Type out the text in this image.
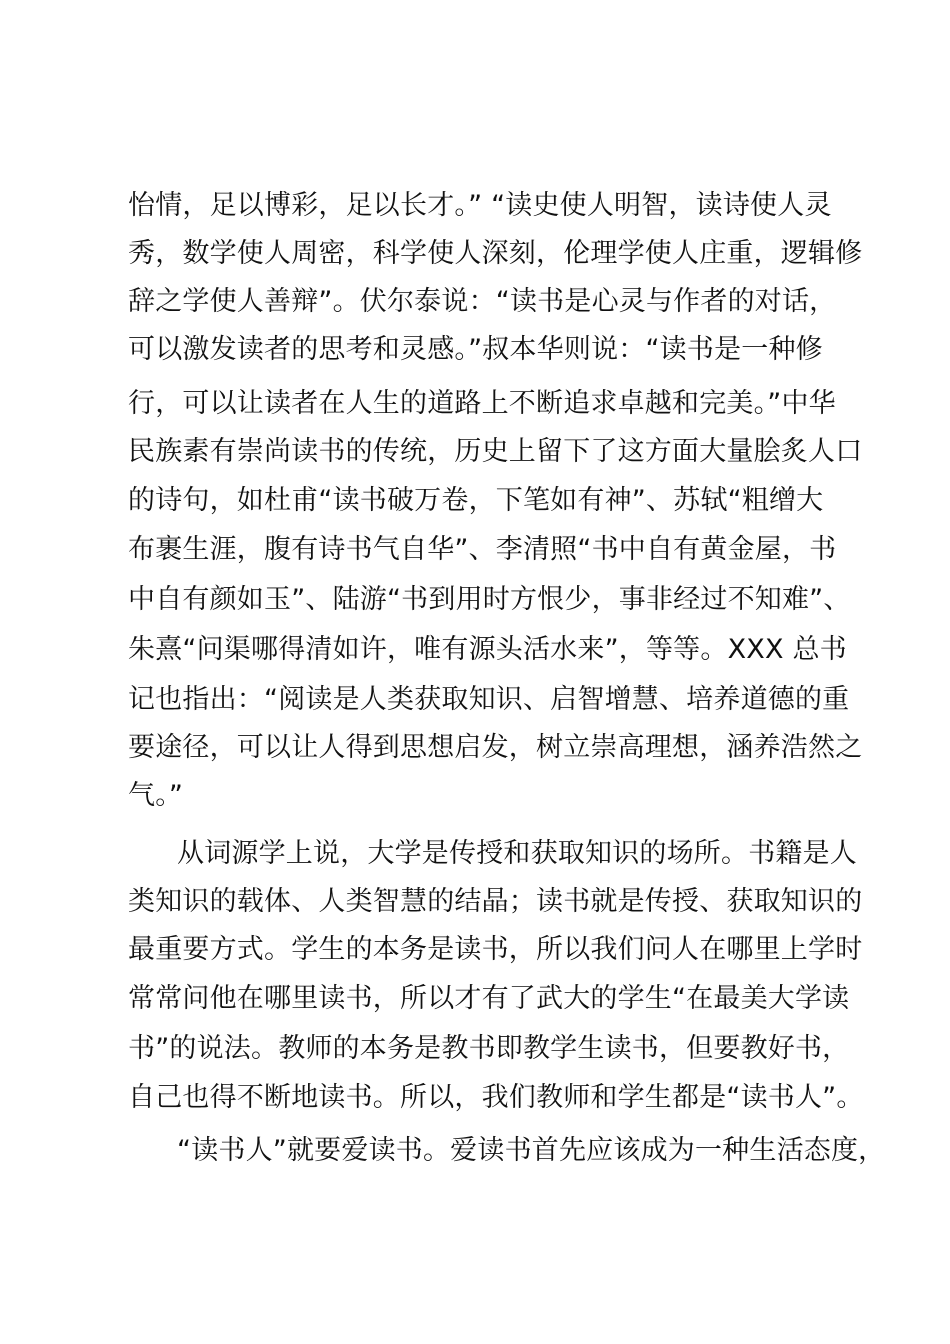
怡情，足以博彩，足以长才。” “读史使人明智，读诗使人灵
秀，数学使人周密，科学使人深刻，伦理学使人庄重，逻辑修
辞之学使人善辩”。伏尔泰说：“读书是心灵与作者的对话，
可以激发读者的思考和灵感。”叔本华则说：“读书是一种修
行，可以让读者在人生的道路上不断追求卓越和完美。”中华
民族素有崇尚读书的传统，历史上留下了这方面大量脍炙人口
的诗句，如杜甫“读书破万卷，下笔如有神”、苏轼“粗缯大
布裹生涯，腹有诗书气自华”、李清照“书中自有黄金屋，书
中自有颜如玉”、陆游“书到用时方恨少，事非经过不知难”、
朱熹“问渠哪得清如许，唯有源头活水来”，等等。XXX 总书
记也指出：“阅读是人类获取知识、启智增慧、培养道德的重
要途径，可以让人得到思想启发，树立崇高理想，涵养浩然之
气。”
从词源学上说，大学是传授和获取知识的场所。书籍是人
类知识的载体、人类智慧的结晶；读书就是传授、获取知识的
最重要方式。学生的本务是读书，所以我们问人在哪里上学时
常常问他在哪里读书，所以才有了武大的学生“在最美大学读
书”的说法。教师的本务是教书即教学生读书，但要教好书，
自己也得不断地读书。所以，我们教师和学生都是“读书人”。
“读书人”就要爱读书。爱读书首先应该成为一种生活态度，
